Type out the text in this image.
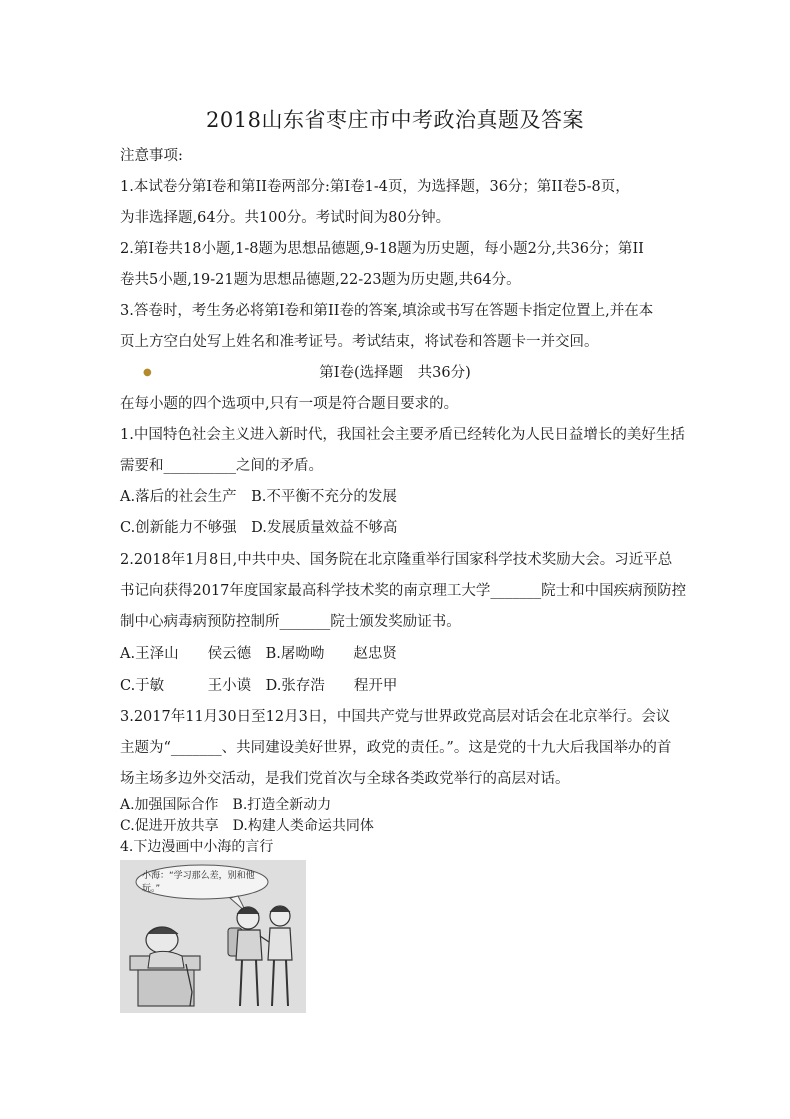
2018山东省枣庄市中考政治真题及答案
注意事项:
1.本试卷分第I卷和第II卷两部分:第I卷1-4页，为选择题，36分；第II卷5-8页，
为非选择题,64分。共100分。考试时间为80分钟。
2.第I卷共18小题,1-8题为思想品德题,9-18题为历史题，每小题2分,共36分；第II
卷共5小题,19-21题为思想品德题,22-23题为历史题,共64分。
3.答卷时，考生务必将第I卷和第II卷的答案,填涂或书写在答题卡指定位置上,并在本
页上方空白处写上姓名和准考证号。考试结束，将试卷和答题卡一并交回。
●	第I卷(选择题　共36分)
在每小题的四个选项中,只有一项是符合题目要求的。
1.中国特色社会主义进入新时代，我国社会主要矛盾已经转化为人民日益增长的美好生括
需要和__________之间的矛盾。
A.落后的社会生产　B.不平衡不充分的发展
C.创新能力不够强　D.发展质量效益不够高
2.2018年1月8日,中共中央、国务院在北京隆重举行国家科学技术奖励大会。习近平总
书记向获得2017年度国家最高科学技术奖的南京理工大学_______院士和中国疾病预防控
制中心病毒病预防控制所_______院士颁发奖励证书。
A.王泽山　　侯云德　B.屠呦呦　　赵忠贤
C.于敏　　　王小谟　D.张存浩　　程开甲
3.2017年11月30日至12月3日，中国共产党与世界政党高层对话会在北京举行。会议
主题为“_______、共同建设美好世界，政党的责任。”。这是党的十九大后我国举办的首
场主场多边外交活动，是我们党首次与全球各类政党举行的高层对话。
A.加强国际合作　B.打造全新动力
C.促进开放共享　D.构建人类命运共同体
4.下边漫画中小海的言行
小海：“学习那么差，别和他玩。”
